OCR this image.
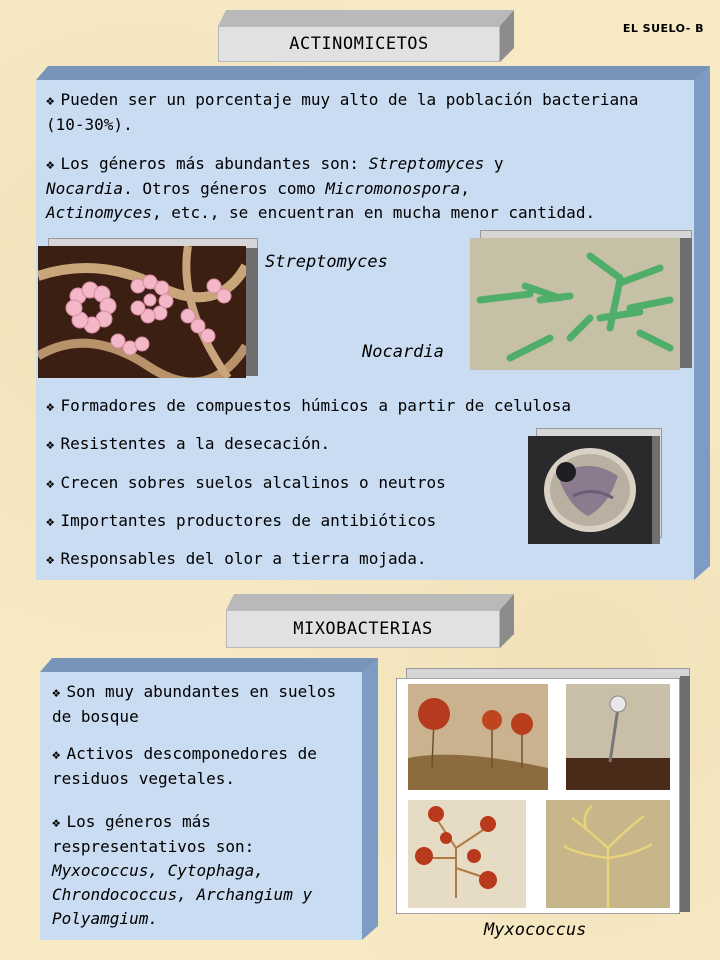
EL SUELO- B
ACTINOMICETOS
❖ Pueden ser un porcentaje muy alto de la población bacteriana (10-30%).
❖ Los géneros más abundantes son: Streptomyces y
Nocardia. Otros géneros como Micromonospora,
Actinomyces, etc., se encuentran en mucha menor cantidad.
Streptomyces
Nocardia
❖ Formadores de compuestos húmicos a partir de celulosa
❖ Resistentes a la desecación.
❖ Crecen sobres suelos alcalinos o neutros
❖ Importantes productores de antibióticos
❖ Responsables del olor a tierra mojada.
MIXOBACTERIAS
❖ Son muy abundantes en suelos de bosque
❖ Activos descomponedores de residuos vegetales.
❖ Los géneros más respresentativos son:
Myxococcus, Cytophaga, Chrondococcus, Archangium y Polyamgium.
Myxococcus
